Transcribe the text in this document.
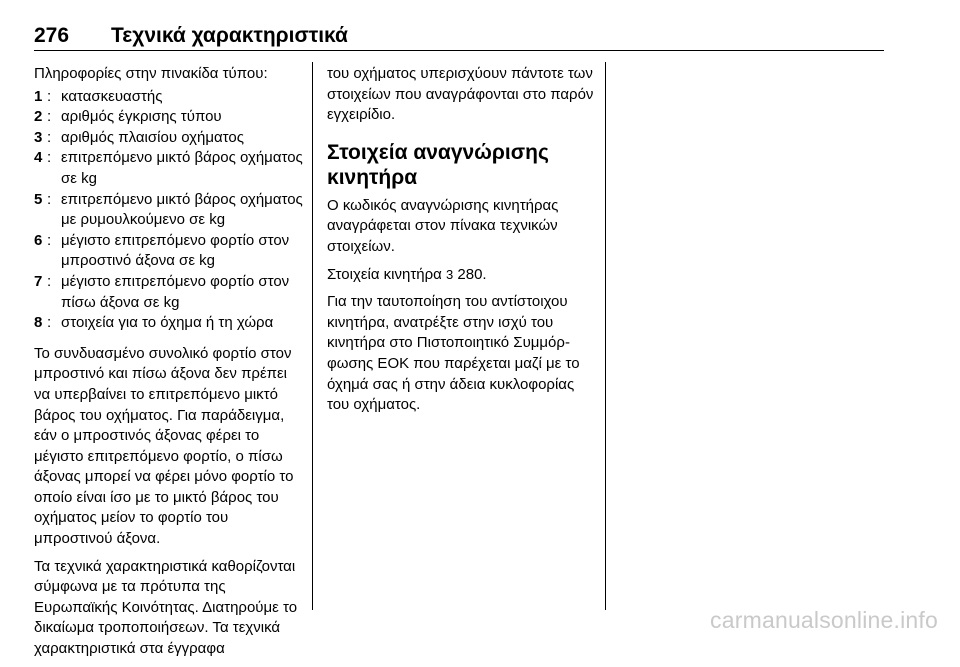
276 Τεχνικά χαρακτηριστικά

Πληροφορίες στην πινακίδα τύπου:

1 : κατασκευαστής
2 : αριθμός έγκρισης τύπου
3 : αριθμός πλαισίου οχήματος
4 : επιτρεπόμενο μικτό βάρος οχήματος σε kg
5 : επιτρεπόμενο μικτό βάρος οχήματος με ρυμουλκούμενο σε kg
6 : μέγιστο επιτρεπόμενο φορτίο στον μπροστινό άξονα σε kg
7 : μέγιστο επιτρεπόμενο φορτίο στον πίσω άξονα σε kg
8 : στοιχεία για το όχημα ή τη χώρα

Το συνδυασμένο συνολικό φορτίο στον μπροστινό και πίσω άξονα δεν πρέπει να υπερβαίνει το επιτρεπόμενο μικτό βάρος του οχήματος. Για παράδειγμα, εάν ο μπροστινός άξονας φέρει το μέγιστο επιτρεπόμενο φορτίο, ο πίσω άξονας μπορεί να φέρει μόνο φορτίο το οποίο είναι ίσο με το μικτό βάρος του οχήματος μείον το φορτίο του μπροστινού άξονα.

Τα τεχνικά χαρακτηριστικά καθορίζονται σύμφωνα με τα πρότυπα της Ευρωπαϊκής Κοινότητας. Διατηρούμε το δικαίωμα τροποποιήσεων. Τα τεχνικά χαρακτηριστικά στα έγγραφα

του οχήματος υπερισχύουν πάντοτε των στοιχείων που αναγράφονται στο παρόν εγχειρίδιο.

Στοιχεία αναγνώρισης κινητήρα

Ο κωδικός αναγνώρισης κινητήρας αναγράφεται στον πίνακα τεχνικών στοιχείων.

Στοιχεία κινητήρα 3 280.

Για την ταυτοποίηση του αντίστοιχου κινητήρα, ανατρέξτε στην ισχύ του κινητήρα στο Πιστοποιητικό Συμμόρφωσης ΕΟΚ που παρέχεται μαζί με το όχημά σας ή στην άδεια κυκλοφορίας του οχήματος.

carmanualsonline.info
